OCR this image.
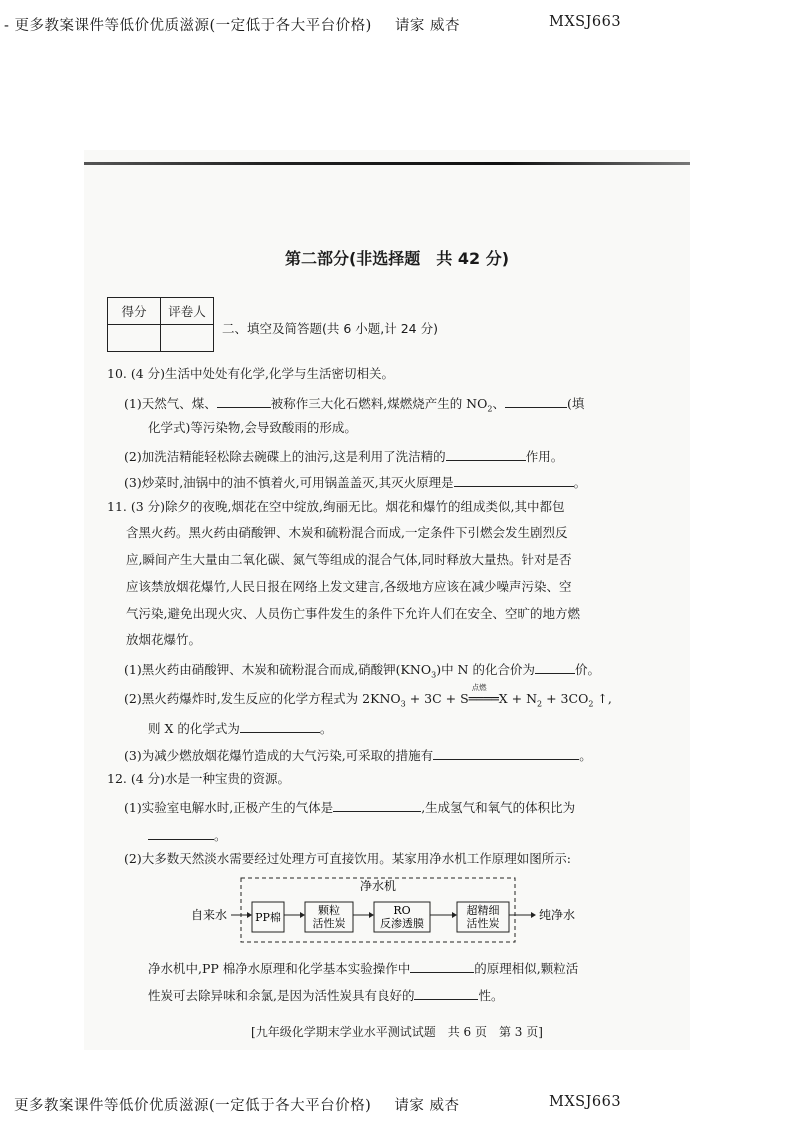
- 更多教案课件等低价优质滋源(一定低于各大平台价格) 请家 威杏	MXSJ663
第二部分(非选择题　共 42 分)
得分	评卷人

二、填空及简答题(共 6 小题,计 24 分)
10. (4 分)生活中处处有化学,化学与生活密切相关。
(1)天然气、煤、	被称作三大化石燃料,煤燃烧产生的 $NO_2$、	(填
化学式)等污染物,会导致酸雨的形成。
(2)加洗洁精能轻松除去碗碟上的油污,这是利用了洗洁精的	作用。
(3)炒菜时,油锅中的油不慎着火,可用锅盖盖灭,其灭火原理是	。
11. (3 分)除夕的夜晚,烟花在空中绽放,绚丽无比。烟花和爆竹的组成类似,其中都包
含黑火药。黑火药由硝酸钾、木炭和硫粉混合而成,一定条件下引燃会发生剧烈反
应,瞬间产生大量由二氧化碳、氮气等组成的混合气体,同时释放大量热。针对是否
应该禁放烟花爆竹,人民日报在网络上发文建言,各级地方应该在减少噪声污染、空
气污染,避免出现火灾、人员伤亡事件发生的条件下允许人们在安全、空旷的地方燃
放烟花爆竹。
(1)黑火药由硝酸钾、木炭和硫粉混合而成,硝酸钾$(KNO_3)$中 N 的化合价为	价。
(2)黑火药爆炸时,发生反应的化学方程式为 $2KNO_3 + 3C + S$
点燃
════X + $N_2 + 3CO_2$ ↑,
则 X 的化学式为	。
(3)为减少燃放烟花爆竹造成的大气污染,可采取的措施有	。
12. (4 分)水是一种宝贵的资源。
(1)实验室电解水时,正极产生的气体是	,生成氢气和氧气的体积比为
。
(2)大多数天然淡水需要经过处理方可直接饮用。某家用净水机工作原理如图所示:
净水机
自来水	PP棉
颗粒
活性炭
RO
反渗透膜
超精细
活性炭
纯净水
净水机中,PP 棉净水原理和化学基本实验操作中	的原理相似,颗粒活
性炭可去除异味和余氯,是因为活性炭具有良好的	性。
[九年级化学期末学业水平测试试题　共 6 页　第 3 页]
更多教案课件等低价优质滋源(一定低于各大平台价格) 请家 威杏	MXSJ663
